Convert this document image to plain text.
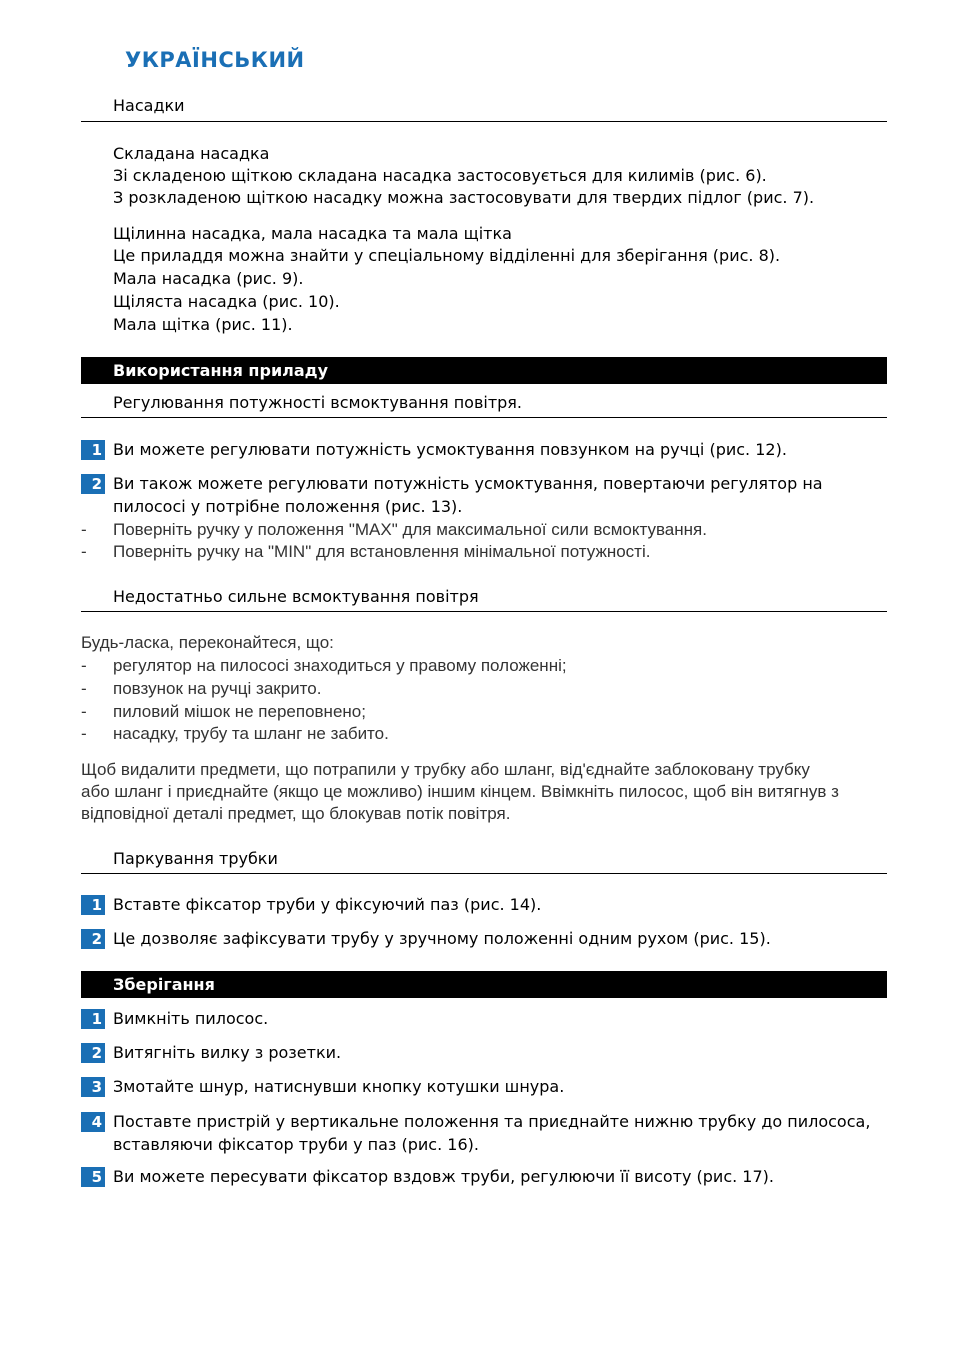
УКРАЇНСЬКИЙ
Насадки
Складана насадка
Зі складеною щіткою складана насадка застосовується для килимів (рис. 6).
З розкладеною щіткою насадку можна застосовувати для твердих підлог (рис. 7).
Щілинна насадка, мала насадка та мала щітка
Це приладдя можна знайти у спеціальному відділенні для зберігання (рис. 8).
Мала насадка (рис. 9).
Щіляста насадка (рис. 10).
Мала щітка (рис. 11).
Використання приладу
Регулювання потужності всмоктування повітря.
1 Ви можете регулювати потужність усмоктування повзунком на ручці (рис. 12).
2 Ви також можете регулювати потужність усмоктування, повертаючи регулятор на
пилососі у потрібне положення (рис. 13).
- Поверніть ручку у положення "MAX" для максимальної сили всмоктування.
- Поверніть ручку на "MIN" для встановлення мінімальної потужності.
Недостатньо сильне всмоктування повітря
Будь-ласка, переконайтеся, що:
- регулятор на пилососі знаходиться у правому положенні;
- повзунок на ручці закрито.
- пиловий мішок не переповнено;
- насадку, трубу та шланг не забито.
Щоб видалити предмети, що потрапили у трубку або шланг, від'єднайте заблоковану трубку
або шланг і приєднайте (якщо це можливо) іншим кінцем. Ввімкніть пилосос, щоб він витягнув з
відповідної деталі предмет, що блокував потік повітря.
Паркування трубки
1 Вставте фіксатор труби у фіксуючий паз (рис. 14).
2 Це дозволяє зафіксувати трубу у зручному положенні одним рухом (рис. 15).
Зберігання
1 Вимкніть пилосос.
2 Витягніть вилку з розетки.
3 Змотайте шнур, натиснувши кнопку котушки шнура.
4 Поставте пристрій у вертикальне положення та приєднайте нижню трубку до пилососа,
вставляючи фіксатор труби у паз (рис. 16).
5 Ви можете пересувати фіксатор вздовж труби, регулюючи її висоту (рис. 17).
